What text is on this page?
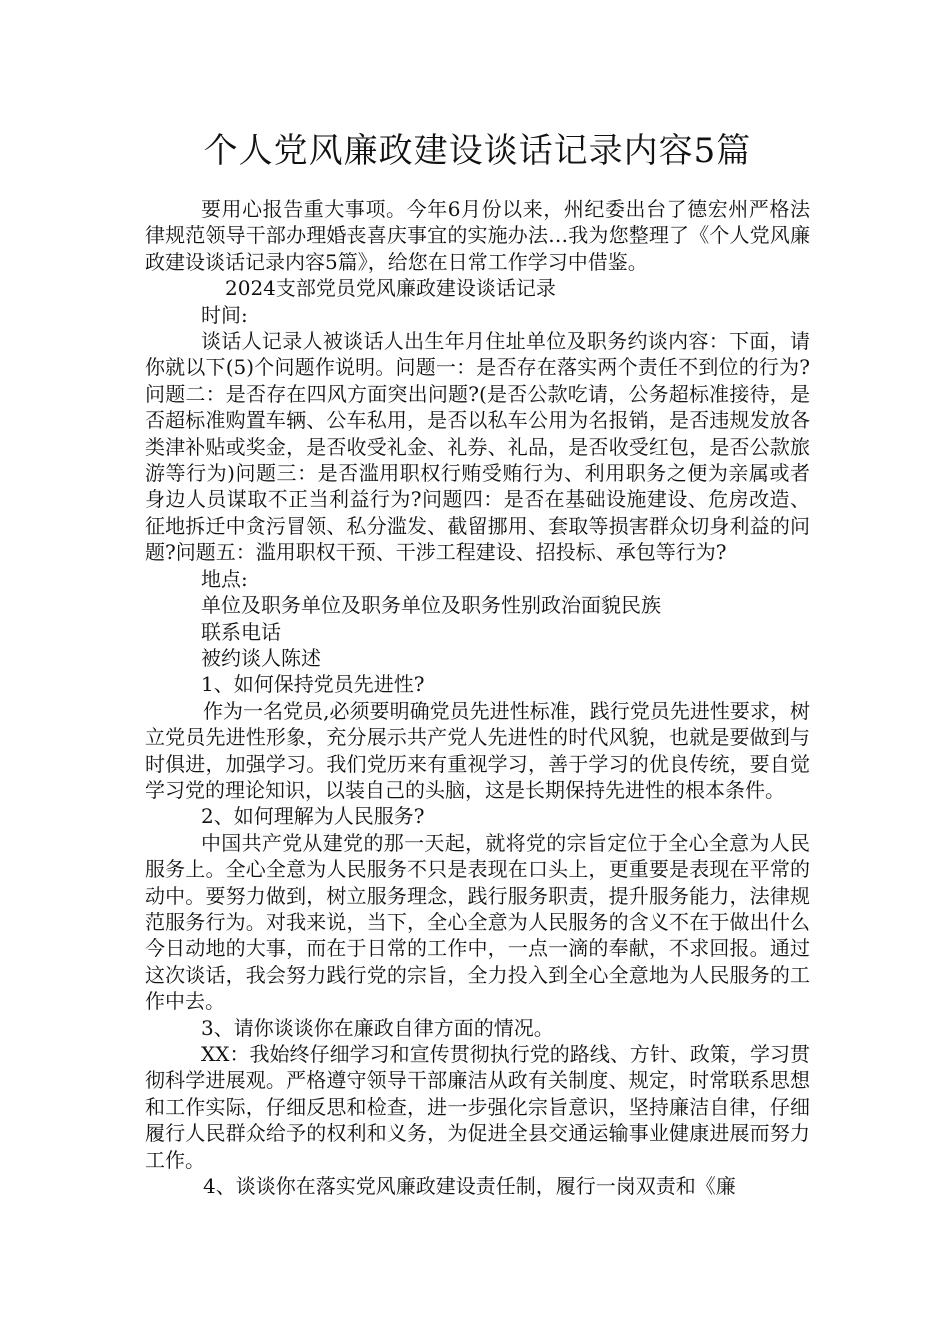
个人党风廉政建设谈话记录内容5篇

要用心报告重大事项。今年6月份以来，州纪委出台了德宏州严格法律规范领导干部办理婚丧喜庆事宜的实施办法…我为您整理了《个人党风廉政建设谈话记录内容5篇》，给您在日常工作学习中借鉴。

2024支部党员党风廉政建设谈话记录

时间:

谈话人记录人被谈话人出生年月住址单位及职务约谈内容：下面，请你就以下(5)个问题作说明。问题一：是否存在落实两个责任不到位的行为?问题二：是否存在四风方面突出问题?(是否公款吃请，公务超标准接待，是否超标准购置车辆、公车私用，是否以私车公用为名报销，是否违规发放各类津补贴或奖金，是否收受礼金、礼券、礼品，是否收受红包，是否公款旅游等行为)问题三：是否滥用职权行贿受贿行为、利用职务之便为亲属或者身边人员谋取不正当利益行为?问题四：是否在基础设施建设、危房改造、征地拆迁中贪污冒领、私分滥发、截留挪用、套取等损害群众切身利益的问题?问题五：滥用职权干预、干涉工程建设、招投标、承包等行为?

地点:

单位及职务单位及职务单位及职务性别政治面貌民族

联系电话

被约谈人陈述

1、如何保持党员先进性?

作为一名党员,必须要明确党员先进性标准，践行党员先进性要求，树立党员先进性形象，充分展示共产党人先进性的时代风貌，也就是要做到与时俱进，加强学习。我们党历来有重视学习，善于学习的优良传统，要自觉学习党的理论知识，以装自己的头脑，这是长期保持先进性的根本条件。

2、如何理解为人民服务?

中国共产党从建党的那一天起，就将党的宗旨定位于全心全意为人民服务上。全心全意为人民服务不只是表现在口头上，更重要是表现在平常的动中。要努力做到，树立服务理念，践行服务职责，提升服务能力，法律规范服务行为。对我来说，当下，全心全意为人民服务的含义不在于做出什么今日动地的大事，而在于日常的工作中，一点一滴的奉献，不求回报。通过这次谈话，我会努力践行党的宗旨，全力投入到全心全意地为人民服务的工作中去。

3、请你谈谈你在廉政自律方面的情况。

XX：我始终仔细学习和宣传贯彻执行党的路线、方针、政策，学习贯彻科学进展观。严格遵守领导干部廉洁从政有关制度、规定，时常联系思想和工作实际，仔细反思和检查，进一步强化宗旨意识，坚持廉洁自律，仔细履行人民群众给予的权利和义务，为促进全县交通运输事业健康进展而努力工作。

4、谈谈你在落实党风廉政建设责任制，履行一岗双责和《廉
